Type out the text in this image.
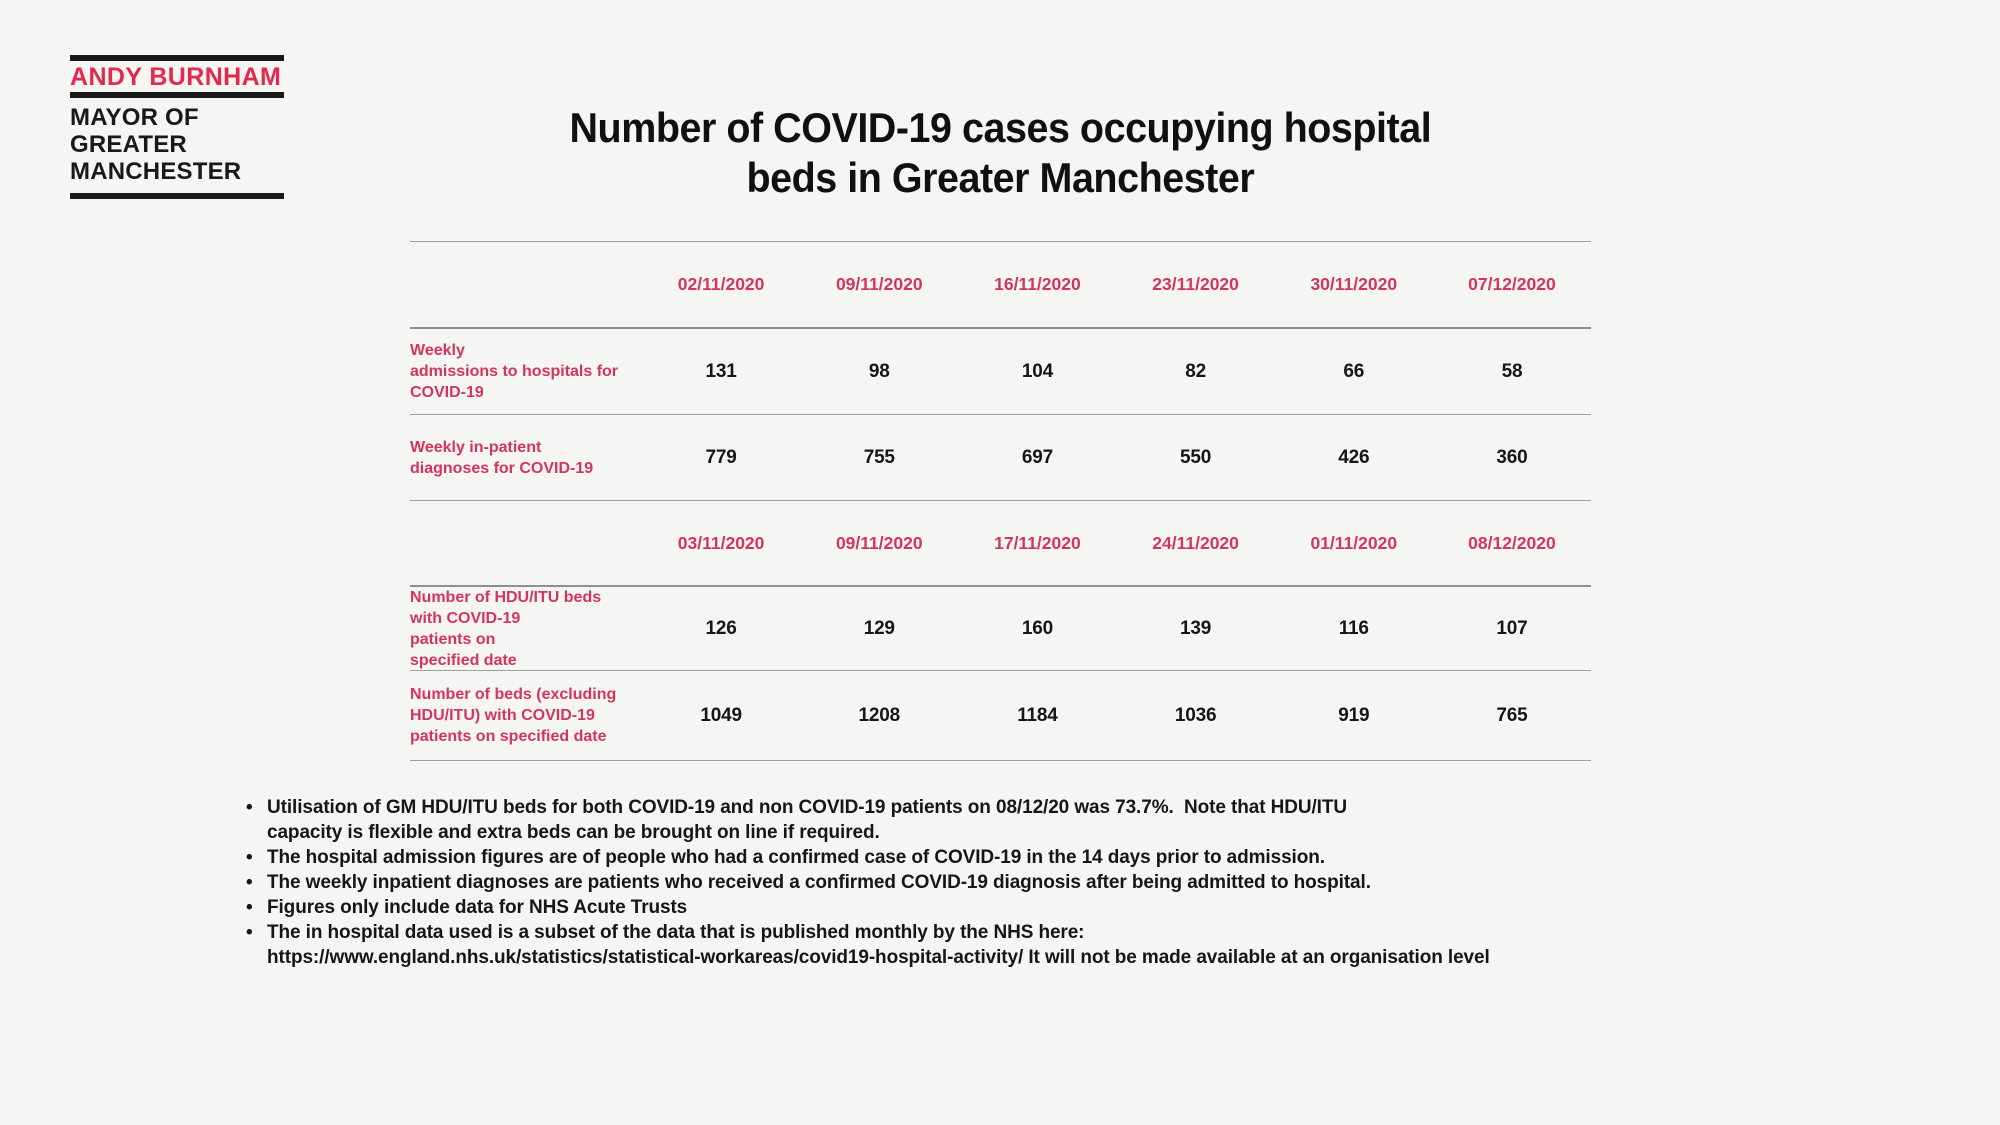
ANDY BURNHAM
MAYOR OF
GREATER
MANCHESTER
Number of COVID-19 cases occupying hospital
beds in Greater Manchester
02/11/2020	09/11/2020	16/11/2020	23/11/2020	30/11/2020	07/12/2020
Weekly
admissions to hospitals for
COVID-19
131	98	104	82	66	58
Weekly in-patient
diagnoses for COVID-19
779	755	697	550	426	360
03/11/2020	09/11/2020	17/11/2020	24/11/2020	01/11/2020	08/12/2020
Number of HDU/ITU beds
with COVID-19
patients on
specified date
126	129	160	139	116	107
Number of beds (excluding
HDU/ITU) with COVID-19
patients on specified date
1049	1208	1184	1036	919	765
• Utilisation of GM HDU/ITU beds for both COVID-19 and non COVID-19 patients on 08/12/20 was 73.7%.  Note that HDU/ITU
capacity is flexible and extra beds can be brought on line if required.
• The hospital admission figures are of people who had a confirmed case of COVID-19 in the 14 days prior to admission.
• The weekly inpatient diagnoses are patients who received a confirmed COVID-19 diagnosis after being admitted to hospital.
• Figures only include data for NHS Acute Trusts
• The in hospital data used is a subset of the data that is published monthly by the NHS here:
https://www.england.nhs.uk/statistics/statistical-workareas/covid19-hospital-activity/ It will not be made available at an organisation level
